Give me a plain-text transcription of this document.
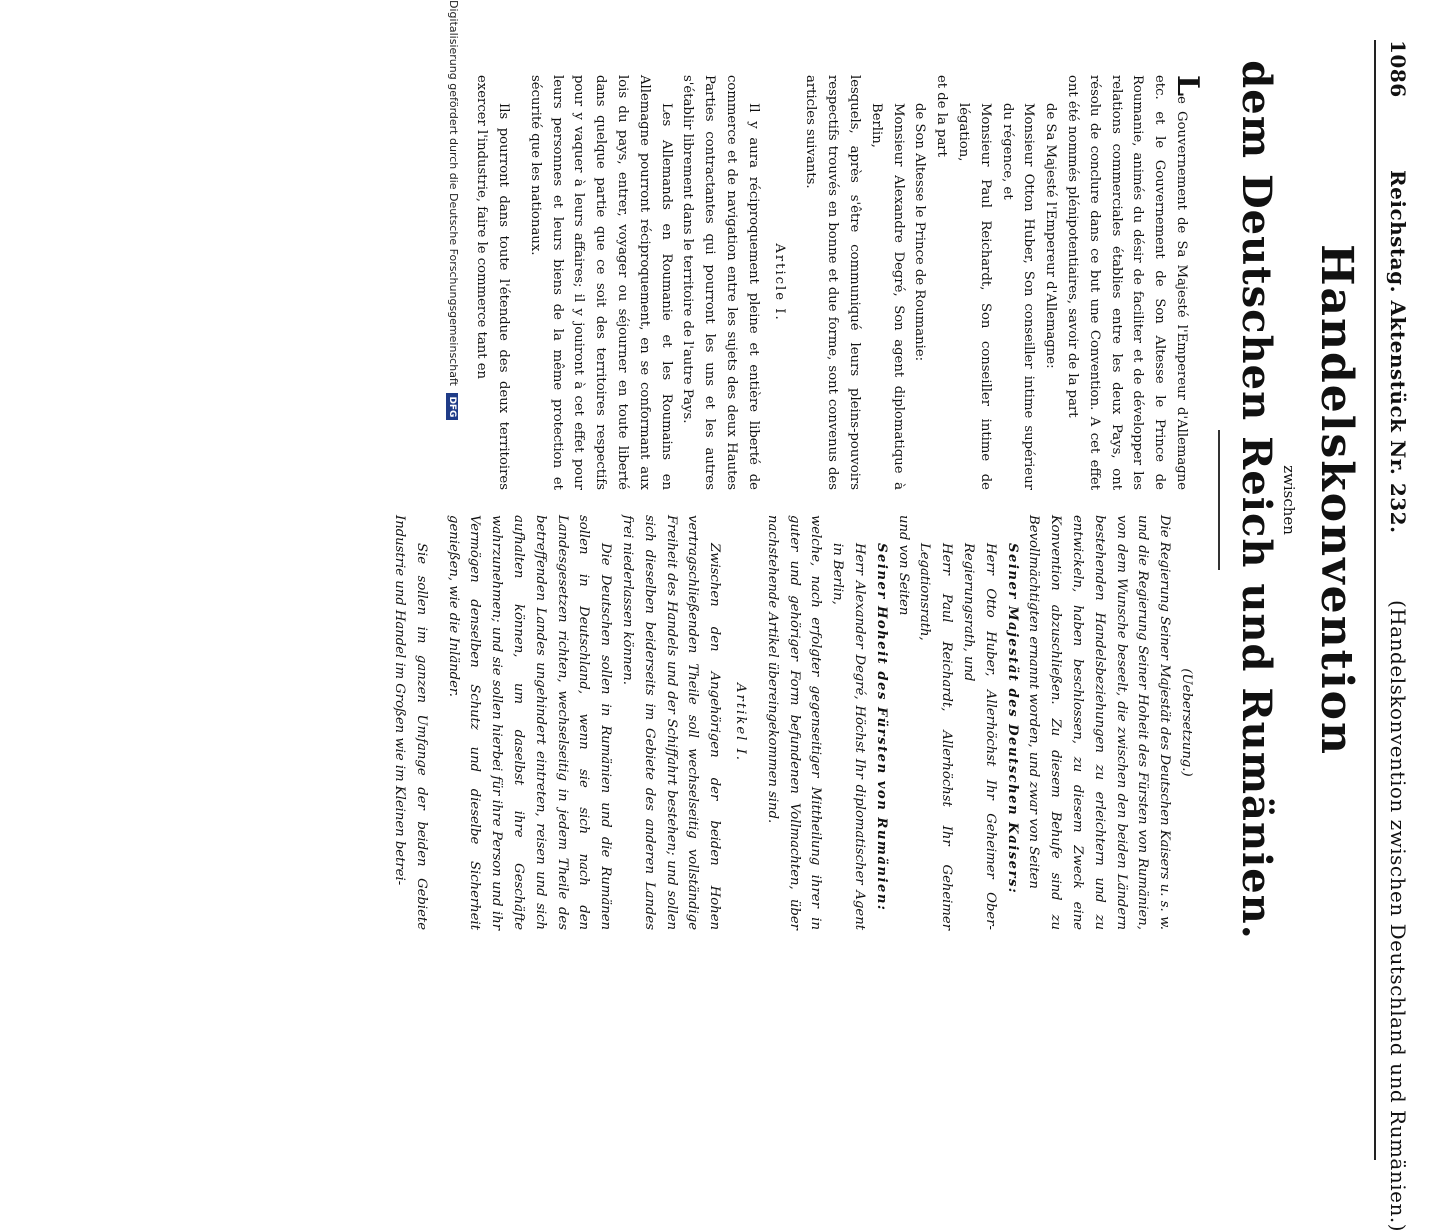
1086
Reichstag. Aktenstück Nr. 232.
(Handelskonvention zwischen Deutschland und Rumänien.)
Handelskonvention
zwischen
dem Deutschen Reich und Rumänien.

Le Gouvernement de Sa Majesté l'Empereur d'Allemagne etc. et le Gouvernement de Son Altesse le Prince de Roumanie, animés du désir de faciliter et de développer les relations commerciales établies entre les deux Pays, ont résolu de conclure dans ce but une Convention. A cet effet ont été nommés plénipotentiaires, savoir de la part

de Sa Majesté l'Empereur d'Allemagne:

Monsieur Otton Huber, Son conseiller intime supérieur du régence, et

Monsieur Paul Reichardt, Son conseiller intime de légation,

et de la part

de Son Altesse le Prince de Roumanie:

Monsieur Alexandre Degré, Son agent diplomatique à Berlin,

lesquels, après s'être communiqué leurs pleins-pouvoirs respectifs trouvés en bonne et due forme, sont convenus des articles suivants.

Article I.

Il y aura réciproquement pleine et entière liberté de commerce et de navigation entre les sujets des deux Hautes Parties contractantes qui pourront les uns et les autres s'établir librement dans le territoire de l'autre Pays.

Les Allemands en Roumanie et les Roumains en Allemagne pourront réciproquement, en se conformant aux lois du pays, entrer, voyager ou séjourner en toute liberté dans quelque partie que ce soit des territoires respectifs pour y vaquer à leurs affaires; il y jouiront à cet effet pour leurs personnes et leurs biens de la même protection et sécurité que les nationaux.

Ils pourront dans toute l'étendue des deux territoires exercer l'industrie, faire le commerce tant en

(Uebersetzung.)

Die Regierung Seiner Majestät des Deutschen Kaisers u. s. w. und die Regierung Seiner Hoheit des Fürsten von Rumänien, von dem Wunsche beseelt, die zwischen den beiden Ländern bestehenden Handelsbeziehungen zu erleichtern und zu entwickeln, haben beschlossen, zu diesem Zweck eine Konvention abzuschließen. Zu diesem Behufe sind zu Bevollmächtigten ernannt worden, und zwar von Seiten

Seiner Majestät des Deutschen Kaisers:

Herr Otto Huber, Allerhöchst Ihr Geheimer Ober-Regierungsrath, und

Herr Paul Reichardt, Allerhöchst Ihr Geheimer Legationsrath,

und von Seiten

Seiner Hoheit des Fürsten von Rumänien:

Herr Alexander Degré, Höchst Ihr diplomatischer Agent in Berlin,

welche, nach erfolgter gegenseitiger Mittheilung ihrer in guter und gehöriger Form befundenen Vollmachten, über nachstehende Artikel übereingekommen sind.

Artikel I.

Zwischen den Angehörigen der beiden Hohen vertragschließenden Theile soll wechselseitig vollständige Freiheit des Handels und der Schiffahrt bestehen; und sollen sich dieselben beiderseits im Gebiete des anderen Landes frei niederlassen können.

Die Deutschen sollen in Rumänien und die Rumänen sollen in Deutschland, wenn sie sich nach den Landesgesetzen richten, wechselseitig in jedem Theile des betreffenden Landes ungehindert eintreten, reisen und sich aufhalten können, um daselbst ihre Geschäfte wahrzunehmen; und sie sollen hierbei für ihre Person und ihr Vermögen denselben Schutz und dieselbe Sicherheit genießen, wie die Inländer.

Sie sollen im ganzen Umfange der beiden Gebiete Industrie und Handel im Großen wie im Kleinen betrei-

Digitalisierung gefördert durch die Deutsche Forschungsgemeinschaft DFG
